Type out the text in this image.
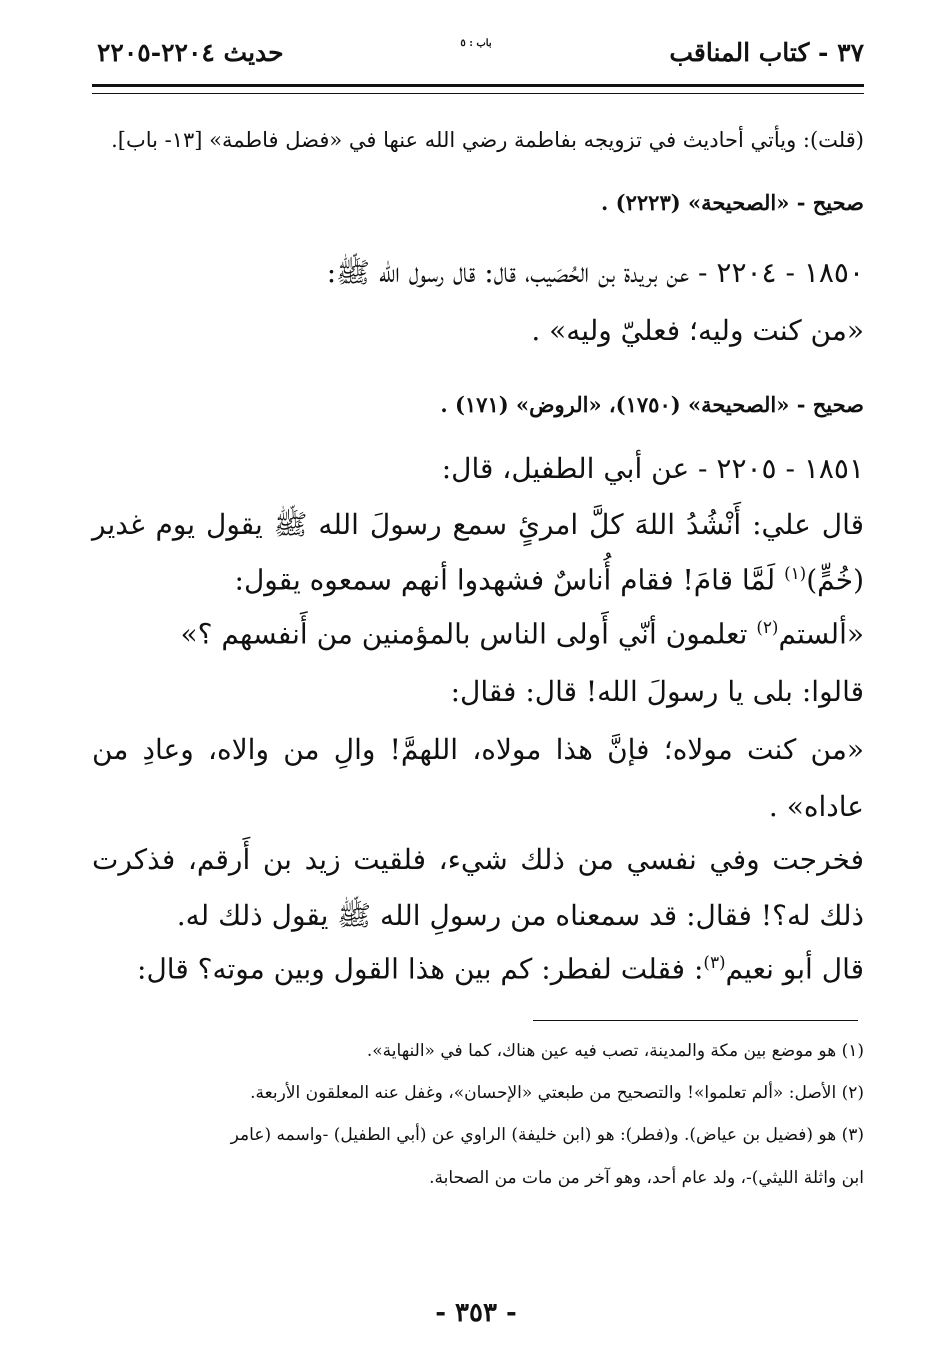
٣٧ - كتاب المناقب
باب : ٥
حديث ٢٢٠٤-٢٢٠٥
(قلت): ويأتي أحاديث في تزويجه بفاطمة رضي الله عنها في «فضل فاطمة» [١٣- باب].
صحيح - «الصحيحة» (٢٢٢٣) .
١٨٥٠ - ٢٢٠٤ - عن بريدة بن الحُصَيب، قال: قال رسول الله ﷺ:
«من كنت وليه؛ فعليّ وليه» .
صحيح - «الصحيحة» (١٧٥٠)، «الروض» (١٧١) .
١٨٥١ - ٢٢٠٥ - عن أبي الطفيل، قال:
قال علي: أَنْشُدُ اللهَ كلَّ امرئٍ سمع رسولَ الله ﷺ يقول يوم غدير
(خُمٍّ)$^{(١)}$ لَمَّا قامَ! فقام أُناسٌ فشهدوا أنهم سمعوه يقول:
«ألستم$^{(٢)}$ تعلمون أنّي أَولى الناس بالمؤمنين من أَنفسهم ؟»
قالوا: بلى يا رسولَ الله! قال: فقال:
«من كنت مولاه؛ فإنَّ هذا مولاه، اللهمَّ! والِ من والاه، وعادِ من
عاداه» .
فخرجت وفي نفسي من ذلك شيء، فلقيت زيد بن أَرقم، فذكرت
ذلك له؟! فقال: قد سمعناه من رسولِ الله ﷺ يقول ذلك له.
قال أبو نعيم$^{(٣)}$: فقلت لفطر: كم بين هذا القول وبين موته؟ قال:
(١) هو موضع بين مكة والمدينة، تصب فيه عين هناك، كما في «النهاية».
(٢) الأصل: «ألم تعلموا»! والتصحيح من طبعتي «الإحسان»، وغفل عنه المعلقون الأربعة.
(٣) هو (فضيل بن عياض). و(فطر): هو (ابن خليفة) الراوي عن (أبي الطفيل) -واسمه (عامر
ابن واثلة الليثي)-، ولد عام أحد، وهو آخر من مات من الصحابة.
- ٣٥٣ -
